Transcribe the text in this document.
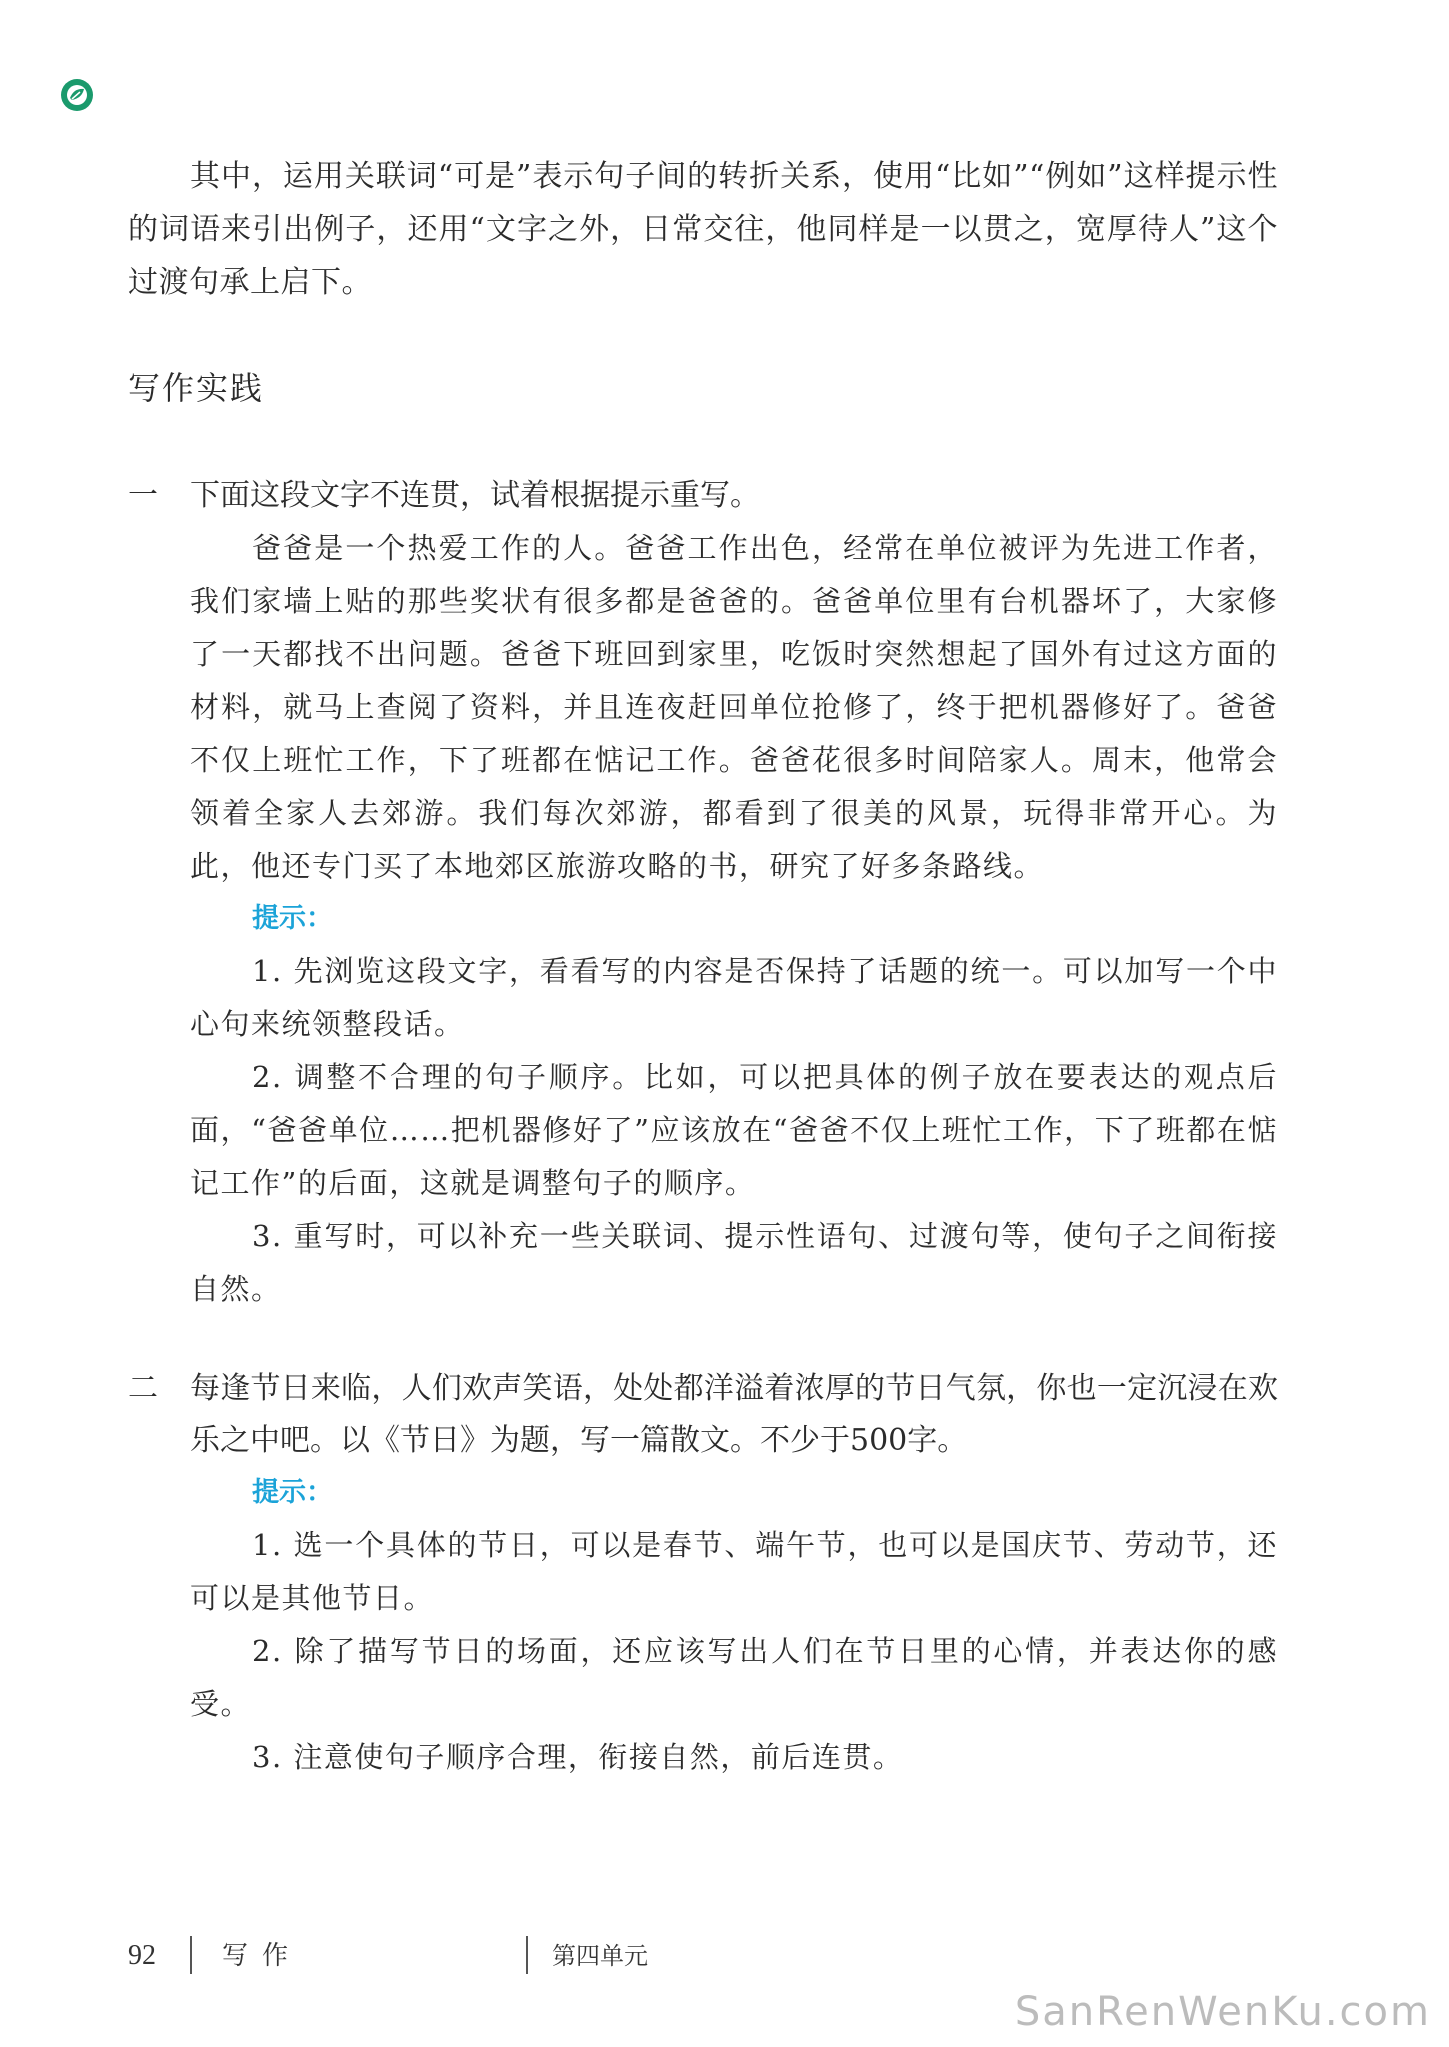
其中，运用关联词“可是”表示句子间的转折关系，使用“比如”“例如”这样提示性的词语来引出例子，还用“文字之外，日常交往，他同样是一以贯之，宽厚待人”这个过渡句承上启下。
写作实践
一	下面这段文字不连贯，试着根据提示重写。
爸爸是一个热爱工作的人。爸爸工作出色，经常在单位被评为先进工作者，我们家墙上贴的那些奖状有很多都是爸爸的。爸爸单位里有台机器坏了，大家修了一天都找不出问题。爸爸下班回到家里，吃饭时突然想起了国外有过这方面的材料，就马上查阅了资料，并且连夜赶回单位抢修了，终于把机器修好了。爸爸不仅上班忙工作，下了班都在惦记工作。爸爸花很多时间陪家人。周末，他常会领着全家人去郊游。我们每次郊游，都看到了很美的风景，玩得非常开心。为此，他还专门买了本地郊区旅游攻略的书，研究了好多条路线。
提示：
1. 先浏览这段文字，看看写的内容是否保持了话题的统一。可以加写一个中心句来统领整段话。
2. 调整不合理的句子顺序。比如，可以把具体的例子放在要表达的观点后面，“爸爸单位……把机器修好了”应该放在“爸爸不仅上班忙工作，下了班都在惦记工作”的后面，这就是调整句子的顺序。
3. 重写时，可以补充一些关联词、提示性语句、过渡句等，使句子之间衔接自然。
二	每逢节日来临，人们欢声笑语，处处都洋溢着浓厚的节日气氛，你也一定沉浸在欢乐之中吧。以《节日》为题，写一篇散文。不少于500字。
提示：
1. 选一个具体的节日，可以是春节、端午节，也可以是国庆节、劳动节，还可以是其他节日。
2. 除了描写节日的场面，还应该写出人们在节日里的心情，并表达你的感受。
3. 注意使句子顺序合理，衔接自然，前后连贯。
92	写作	第四单元
SanRenWenKu.com
